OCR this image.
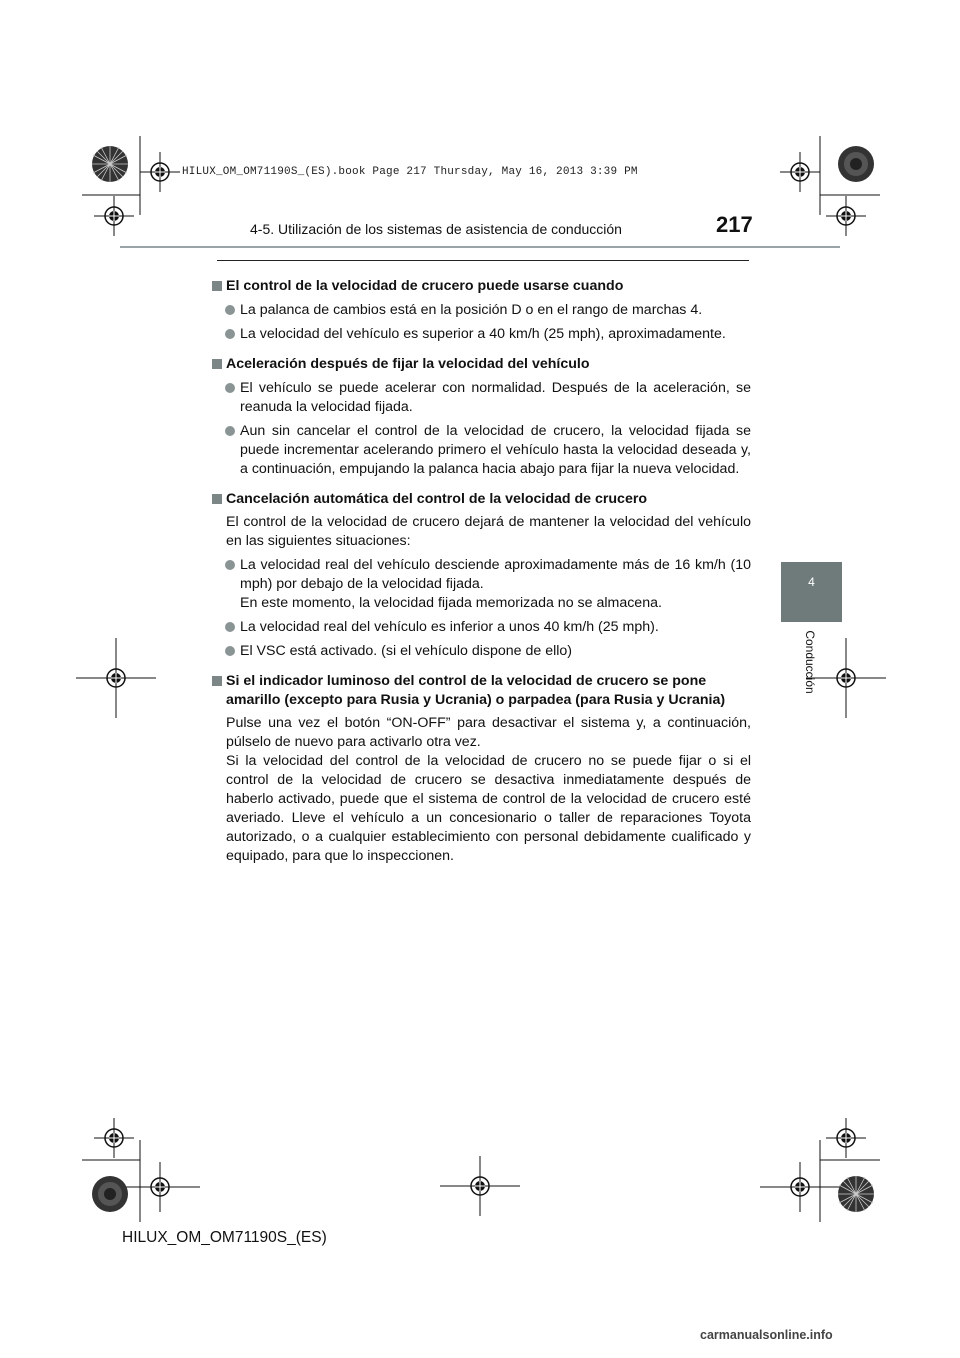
HILUX_OM_OM71190S_(ES).book Page 217 Thursday, May 16, 2013 3:39 PM
4-5. Utilización de los sistemas de asistencia de conducción	217
4
Conducción
El control de la velocidad de crucero puede usarse cuando
La palanca de cambios está en la posición D o en el rango de marchas 4.
La velocidad del vehículo es superior a 40 km/h (25 mph), aproximadamente.
Aceleración después de fijar la velocidad del vehículo
El vehículo se puede acelerar con normalidad. Después de la aceleración, se reanuda la velocidad fijada.
Aun sin cancelar el control de la velocidad de crucero, la velocidad fijada se puede incrementar acelerando primero el vehículo hasta la velocidad deseada y, a continuación, empujando la palanca hacia abajo para fijar la nueva velocidad.
Cancelación automática del control de la velocidad de crucero
El control de la velocidad de crucero dejará de mantener la velocidad del vehículo en las siguientes situaciones:
La velocidad real del vehículo desciende aproximadamente más de 16 km/h (10 mph) por debajo de la velocidad fijada.
En este momento, la velocidad fijada memorizada no se almacena.
La velocidad real del vehículo es inferior a unos 40 km/h (25 mph).
El VSC está activado. (si el vehículo dispone de ello)
Si el indicador luminoso del control de la velocidad de crucero se pone amarillo (excepto para Rusia y Ucrania) o parpadea (para Rusia y Ucrania)
Pulse una vez el botón “ON-OFF” para desactivar el sistema y, a continuación, púlselo de nuevo para activarlo otra vez.
Si la velocidad del control de la velocidad de crucero no se puede fijar o si el control de la velocidad de crucero se desactiva inmediatamente después de haberlo activado, puede que el sistema de control de la velocidad de crucero esté averiado. Lleve el vehículo a un concesionario o taller de reparaciones Toyota autorizado, o a cualquier establecimiento con personal debidamente cualificado y equipado, para que lo inspeccionen.
HILUX_OM_OM71190S_(ES)
carmanualsonline.info
